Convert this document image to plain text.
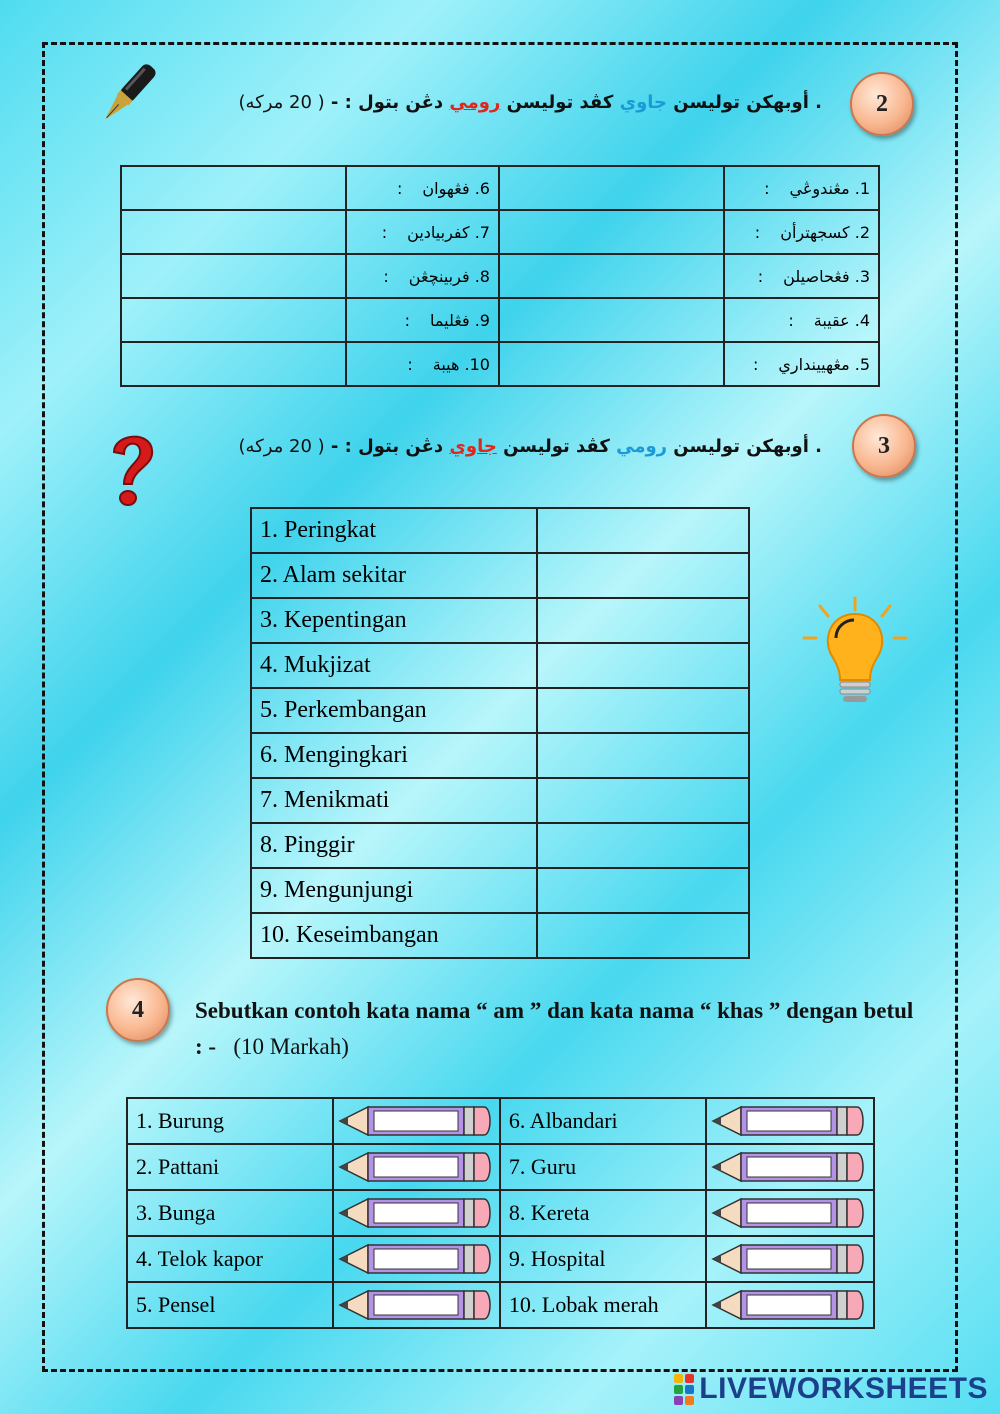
. أوبهكن توليسن جاوي كڤد توليسن رومي دڠن بتول : - ( 20 مركه)	2
	6. فڠهوان:		1. مڠندوڠي:
	7. كفربيادين:		2. كسجهترأن:
	8. فربينچڠن:		3. فڠحاصيلن:
	9. فڠليما:		4. عقيبة:
	10. هيبة:		5. مڠهيينداري:
. أوبهكن توليسن رومي كڤد توليسن جاوي دڠن بتول : - ( 20 مركه)	3
1. Peringkat	
2. Alam sekitar	
3. Kepentingan	
4. Mukjizat	
5. Perkembangan	
6. Mengingkari	
7. Menikmati	
8. Pinggir	
9. Mengunjungi	
10. Keseimbangan	
4	Sebutkan contoh kata nama “ am ” dan kata nama “ khas ” dengan betul : - (10 Markah)
1. Burung		6. Albandari	

2. Pattani		7. Guru	

3. Bunga		8. Kereta	

4. Telok kapor		9. Hospital	

5. Pensel		10. Lobak merah	
LIVEWORKSHEETS
